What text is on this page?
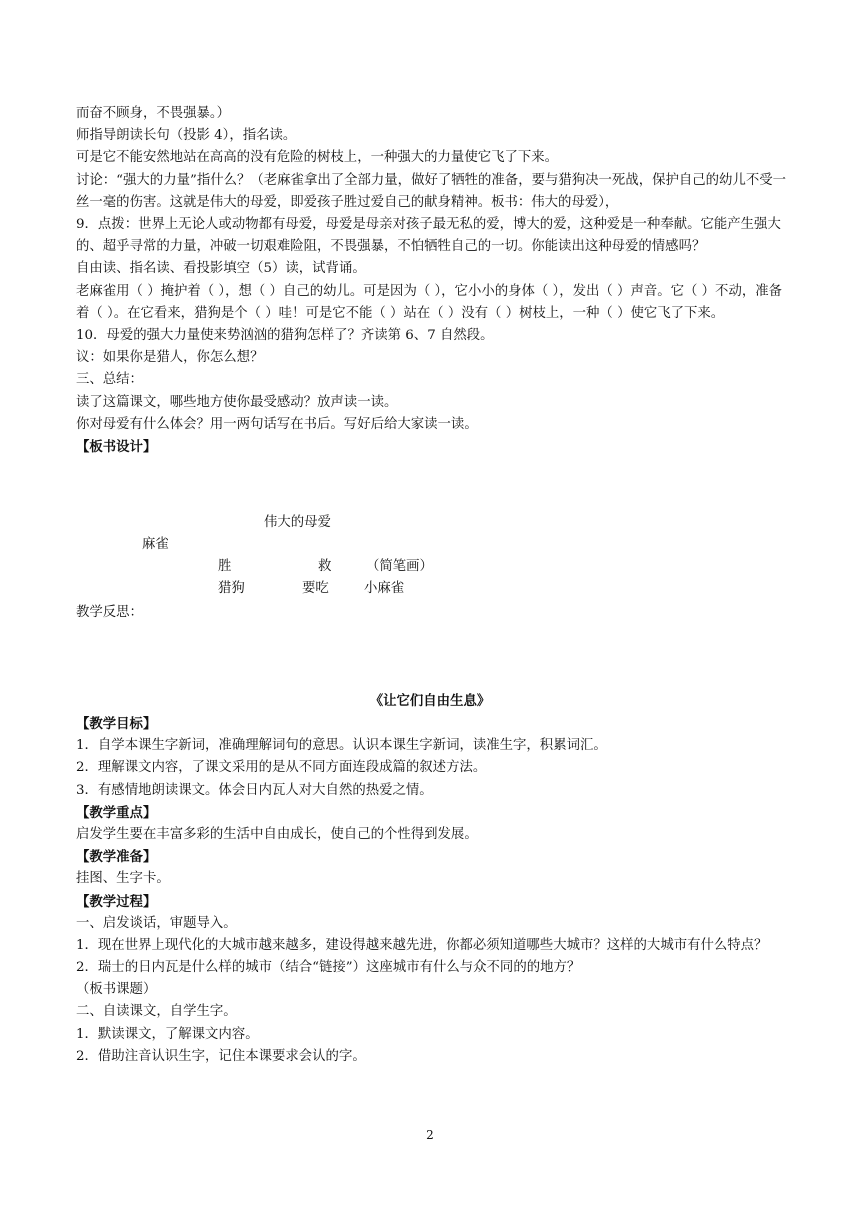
而奋不顾身，不畏强暴。）
师指导朗读长句（投影 4），指名读。
可是它不能安然地站在高高的没有危险的树枝上，一种强大的力量使它飞了下来。
讨论：“强大的力量”指什么？（老麻雀拿出了全部力量，做好了牺牲的准备，要与猎狗决一死战，保护自己的幼儿不受一丝一毫的伤害。这就是伟大的母爱，即爱孩子胜过爱自己的献身精神。板书：伟大的母爱），
9．点拨：世界上无论人或动物都有母爱，母爱是母亲对孩子最无私的爱，博大的爱，这种爱是一种奉献。它能产生强大的、超乎寻常的力量，冲破一切艰难险阻，不畏强暴，不怕牺牲自己的一切。你能读出这种母爱的情感吗？
自由读、指名读、看投影填空（5）读，试背诵。
老麻雀用（ ）掩护着（ ），想（ ）自己的幼儿。可是因为（ ），它小小的身体（ ），发出（ ）声音。它（ ）不动，准备着（ ）。在它看来，猎狗是个（ ）哇！可是它不能（ ）站在（ ）没有（ ）树枝上，一种（ ）使它飞了下来。
10．母爱的强大力量使来势汹汹的猎狗怎样了？齐读第 6、7 自然段。
议：如果你是猎人，你怎么想？
三、总结：
读了这篇课文，哪些地方使你最受感动？放声读一读。
你对母爱有什么体会？用一两句话写在书后。写好后给大家读一读。
【板书设计】
伟大的母爱
麻雀
胜	救	（简笔画）
猎狗	要吃	小麻雀
教学反思：
《让它们自由生息》
【教学目标】
1．自学本课生字新词，准确理解词句的意思。认识本课生字新词，读准生字，积累词汇。
2．理解课文内容，了课文采用的是从不同方面连段成篇的叙述方法。
3．有感情地朗读课文。体会日内瓦人对大自然的热爱之情。
【教学重点】
启发学生要在丰富多彩的生活中自由成长，使自己的个性得到发展。
【教学准备】
挂图、生字卡。
【教学过程】
一、启发谈话，审题导入。
1．现在世界上现代化的大城市越来越多，建设得越来越先进，你都必须知道哪些大城市？这样的大城市有什么特点？
2．瑞士的日内瓦是什么样的城市（结合“链接”）这座城市有什么与众不同的的地方？
（板书课题）
二、自读课文，自学生字。
1．默读课文，了解课文内容。
2．借助注音认识生字，记住本课要求会认的字。
2
